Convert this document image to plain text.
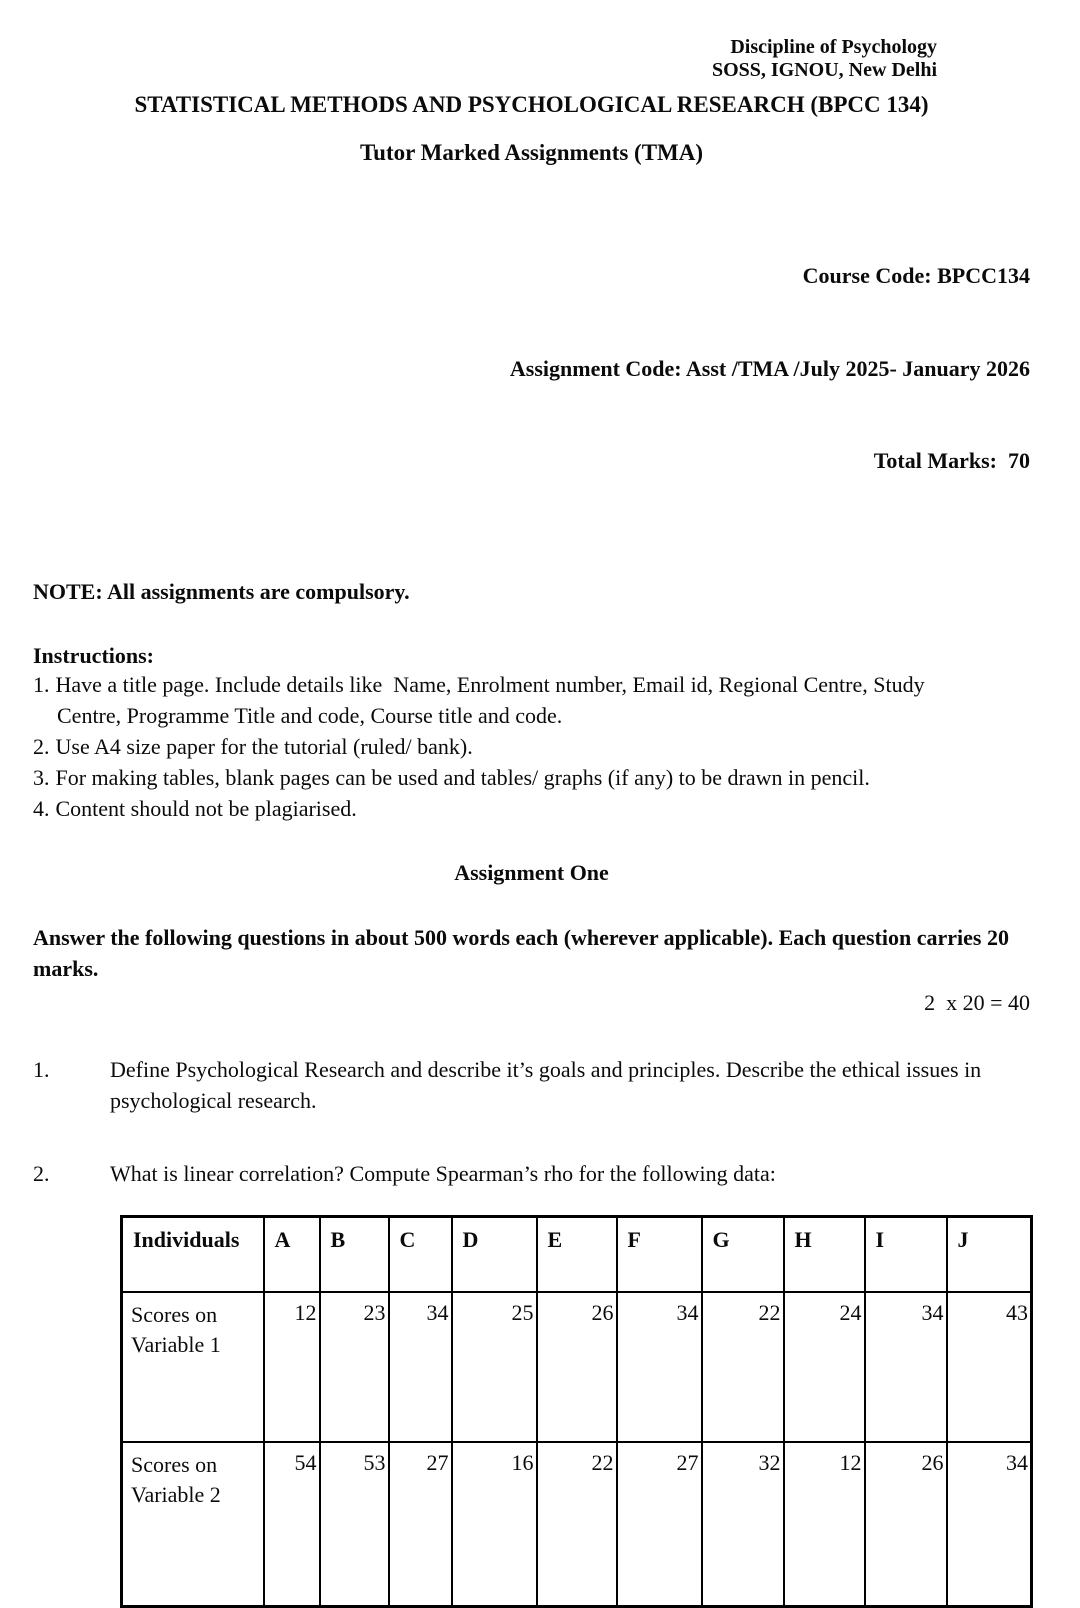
Discipline of Psychology
SOSS, IGNOU, New Delhi
STATISTICAL METHODS AND PSYCHOLOGICAL RESEARCH (BPCC 134)
Tutor Marked Assignments (TMA)

Course Code: BPCC134

Assignment Code: Asst /TMA /July 2025- January 2026

Total Marks:  70

NOTE: All assignments are compulsory.
Instructions:
1. Have a title page. Include details like  Name, Enrolment number, Email id, Regional Centre, Study Centre, Programme Title and code, Course title and code.
2. Use A4 size paper for the tutorial (ruled/ bank).
3. For making tables, blank pages can be used and tables/ graphs (if any) to be drawn in pencil.
4. Content should not be plagiarised.
Assignment One
Answer the following questions in about 500 words each (wherever applicable). Each question carries 20 marks.
2  x 20 = 40
1.	Define Psychological Research and describe it’s goals and principles. Describe the ethical issues in psychological research.
2.	What is linear correlation? Compute Spearman’s rho for the following data:
Individuals	A	B	C	D	E	F	G	H	I	J
Scores on Variable 1	12	23	34	25	26	34	22	24	34	43
Scores on Variable 2	54	53	27	16	22	27	32	12	26	34
